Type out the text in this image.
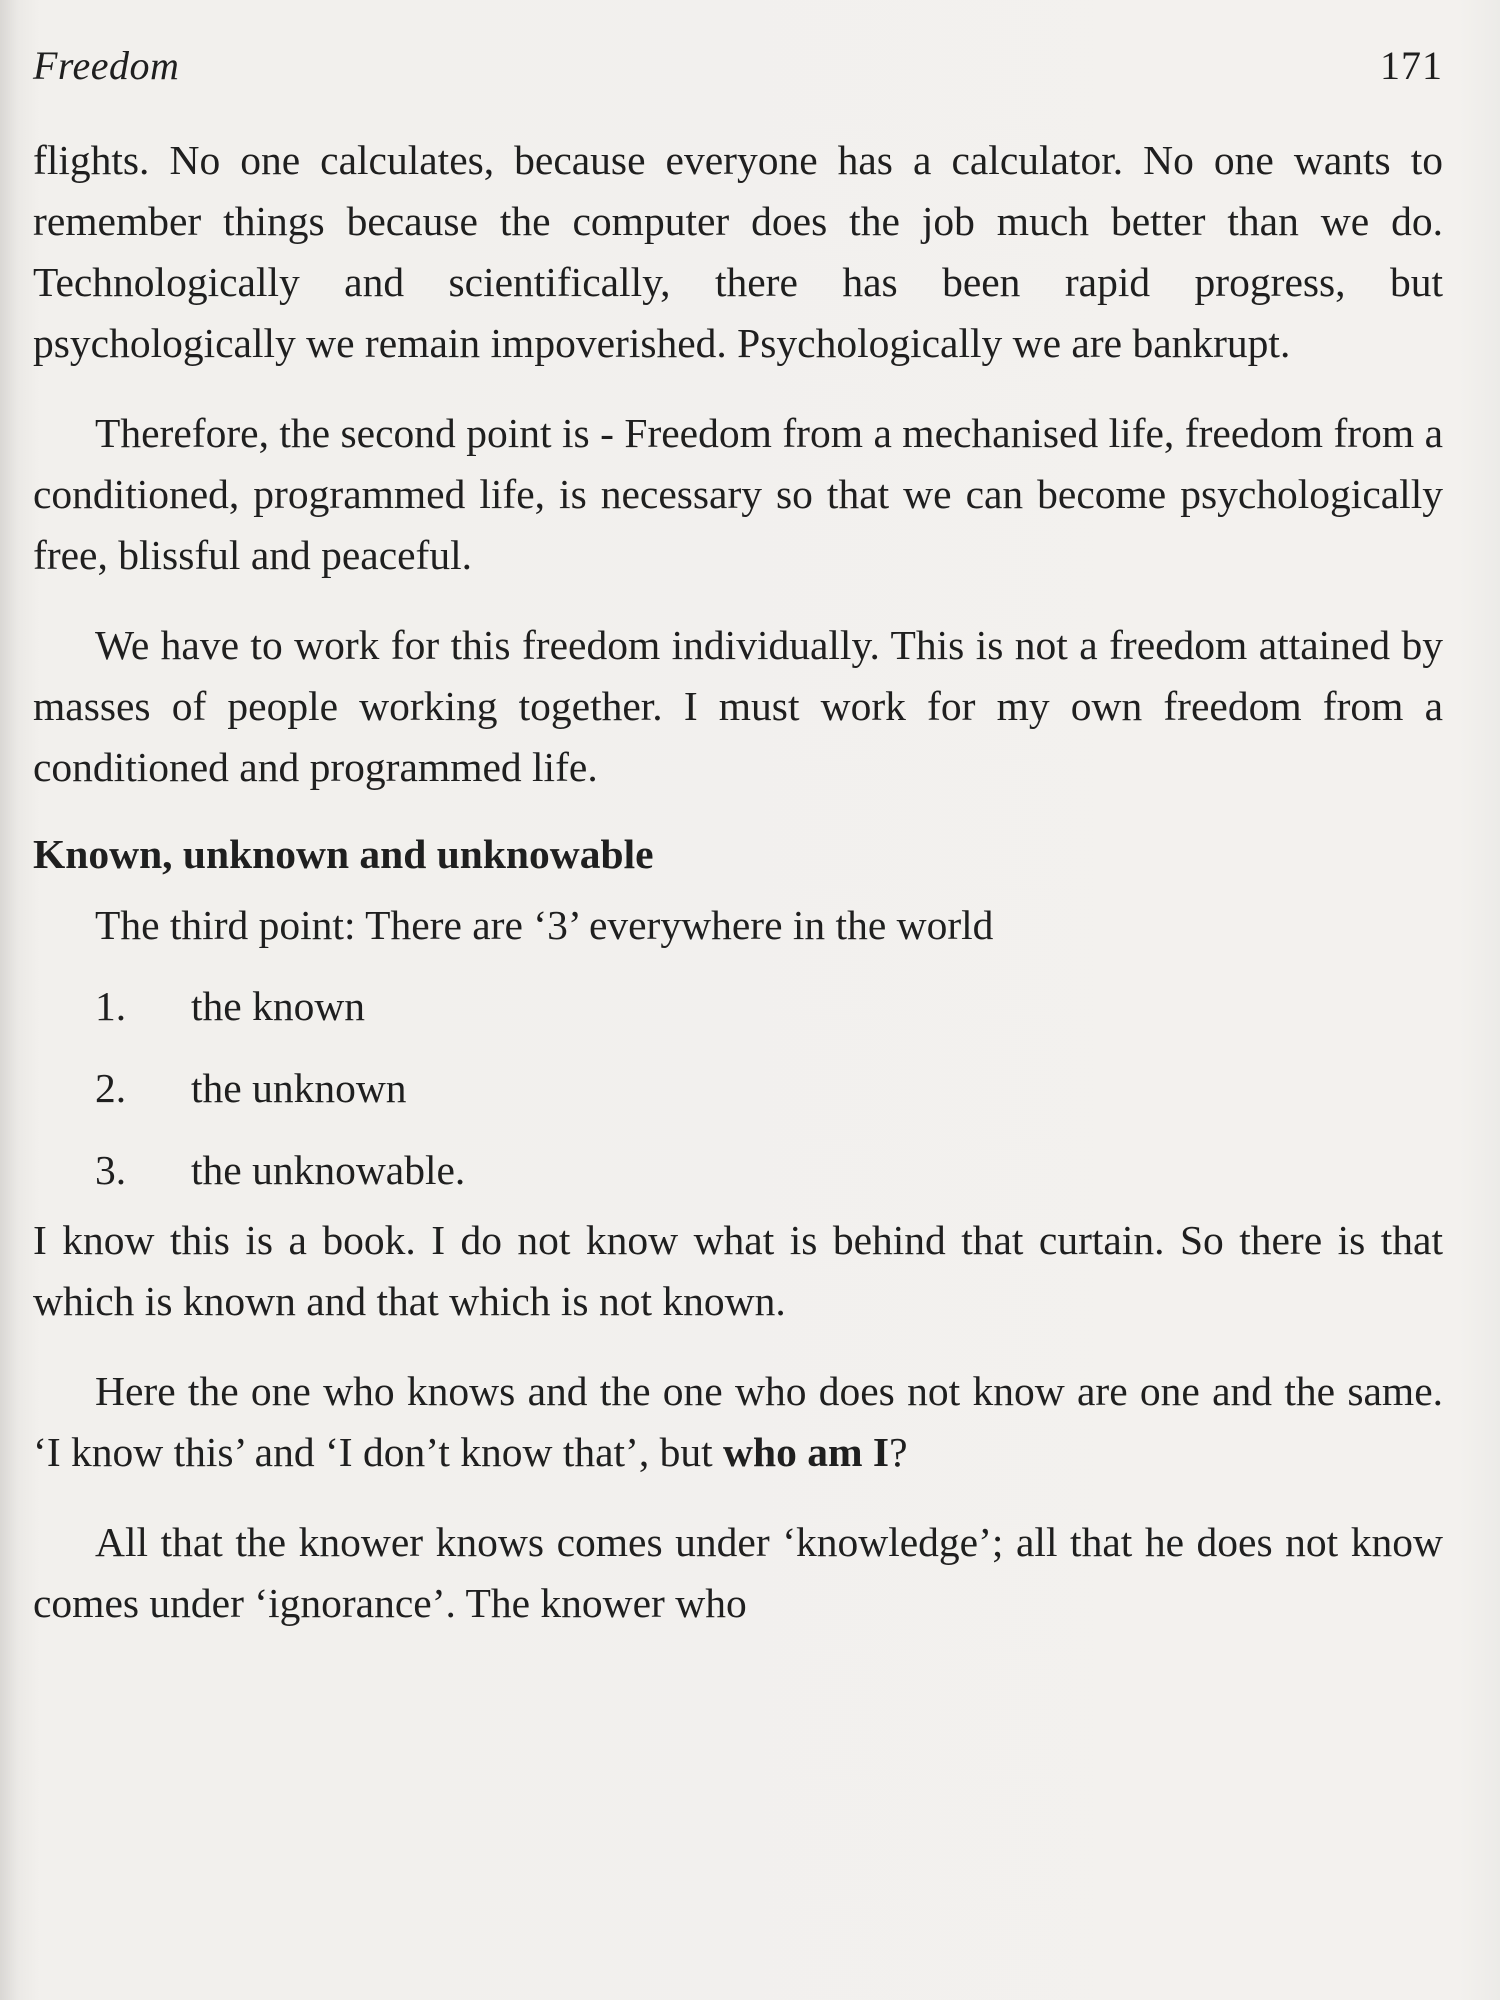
Freedom	171

flights. No one calculates, because everyone has a calculator. No one wants to remember things because the computer does the job much better than we do. Technologically and scientifically, there has been rapid progress, but psychologically we remain impoverished. Psychologically we are bankrupt.

Therefore, the second point is - Freedom from a mechanised life, freedom from a conditioned, programmed life, is necessary so that we can become psychologically free, blissful and peaceful.

We have to work for this freedom individually. This is not a freedom attained by masses of people working together. I must work for my own freedom from a conditioned and programmed life.

Known, unknown and unknowable

The third point: There are ‘3’ everywhere in the world

1. the known
2. the unknown
3. the unknowable.

I know this is a book. I do not know what is behind that curtain. So there is that which is known and that which is not known.

Here the one who knows and the one who does not know are one and the same. ‘I know this’ and ‘I don’t know that’, but who am I?

All that the knower knows comes under ‘knowledge’; all that he does not know comes under ‘ignorance’. The knower who
